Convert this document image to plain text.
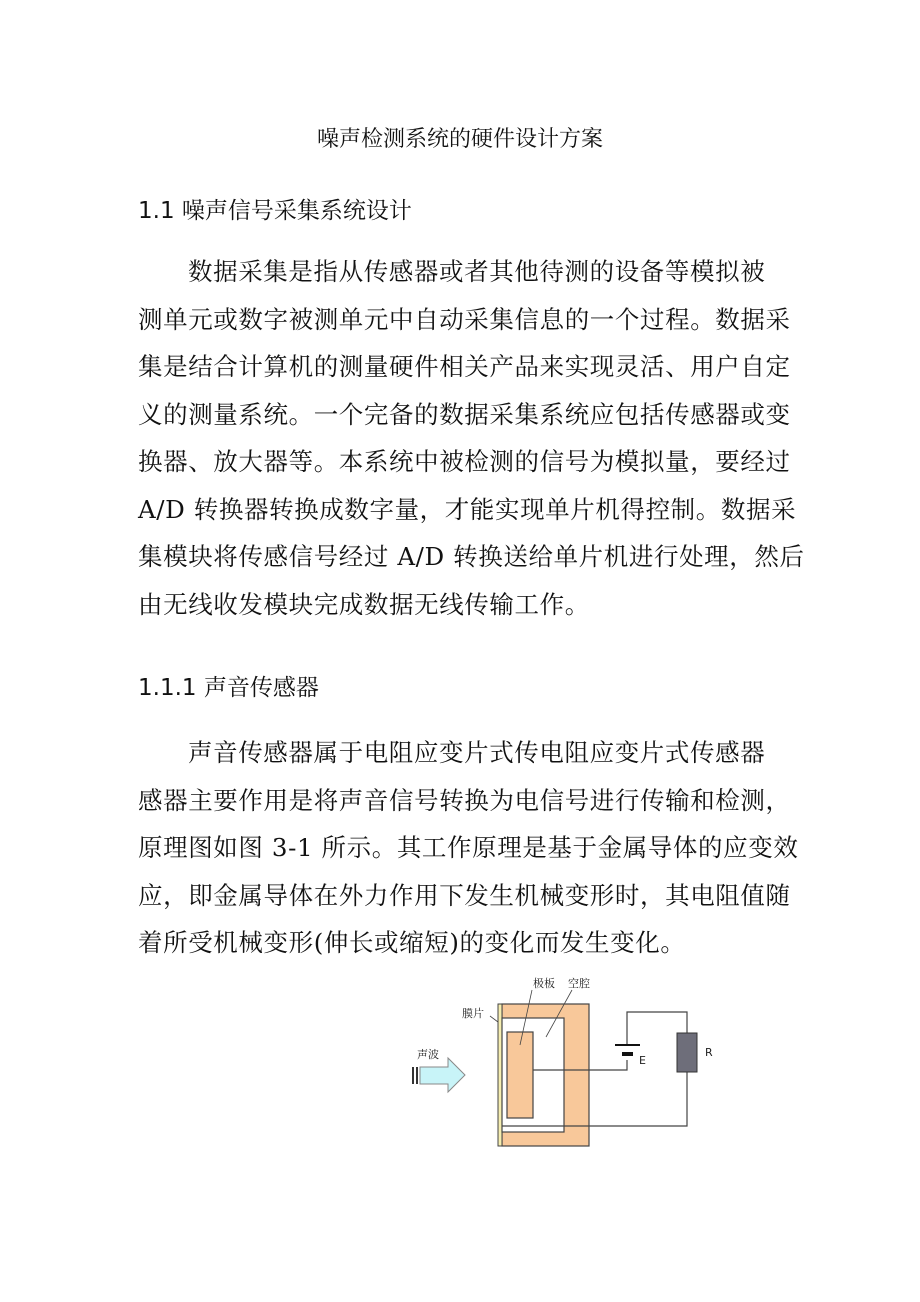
噪声检测系统的硬件设计方案
1.1 噪声信号采集系统设计
数据采集是指从传感器或者其他待测的设备等模拟被
测单元或数字被测单元中自动采集信息的一个过程。数据采
集是结合计算机的测量硬件相关产品来实现灵活、用户自定
义的测量系统。一个完备的数据采集系统应包括传感器或变
换器、放大器等。本系统中被检测的信号为模拟量，要经过
A/D 转换器转换成数字量，才能实现单片机得控制。数据采
集模块将传感信号经过 A/D 转换送给单片机进行处理，然后
由无线收发模块完成数据无线传输工作。
1.1.1 声音传感器
声音传感器属于电阻应变片式传电阻应变片式传感器
感器主要作用是将声音信号转换为电信号进行传输和检测，
原理图如图 3-1 所示。其工作原理是基于金属导体的应变效
应，即金属导体在外力作用下发生机械变形时，其电阻值随
着所受机械变形(伸长或缩短)的变化而发生变化。
E
R
声波
膜片
极板 空腔
